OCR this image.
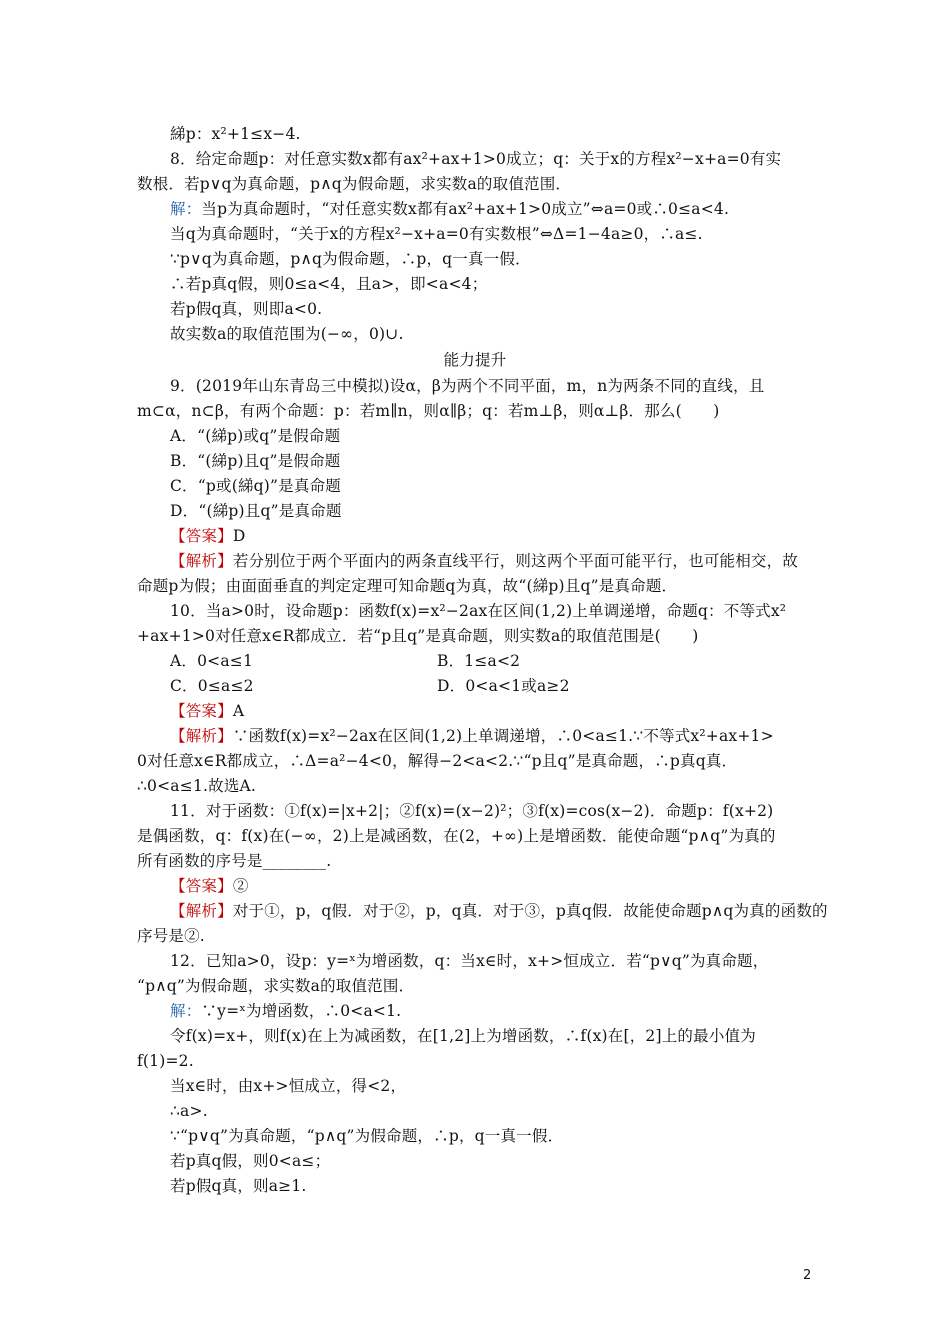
綈p：x²+1≤x−4.
8．给定命题p：对任意实数x都有ax²+ax+1>0成立；q：关于x的方程x²−x+a=0有实
数根．若p∨q为真命题，p∧q为假命题，求实数a的取值范围．
解：当p为真命题时，“对任意实数x都有ax²+ax+1>0成立”⇔a=0或∴0≤a<4.
当q为真命题时，“关于x的方程x²−x+a=0有实数根”⇔Δ=1−4a≥0，∴a≤.
∵p∨q为真命题，p∧q为假命题，∴p，q一真一假．
∴若p真q假，则0≤a<4，且a>，即<a<4；
若p假q真，则即a<0.
故实数a的取值范围为(−∞，0)∪.
能力提升
9．(2019年山东青岛三中模拟)设α，β为两个不同平面，m，n为两条不同的直线，且
m⊂α，n⊂β，有两个命题：p：若m∥n，则α∥β；q：若m⊥β，则α⊥β．那么(　　)
A．“(綈p)或q”是假命题
B．“(綈p)且q”是假命题
C．“p或(綈q)”是真命题
D．“(綈p)且q”是真命题
【答案】D
【解析】若分别位于两个平面内的两条直线平行，则这两个平面可能平行，也可能相交，故
命题p为假；由面面垂直的判定定理可知命题q为真，故“(綈p)且q”是真命题．
10．当a>0时，设命题p：函数f(x)=x²−2ax在区间(1,2)上单调递增，命题q：不等式x²
+ax+1>0对任意x∈R都成立．若“p且q”是真命题，则实数a的取值范围是(　　)
A．0<a≤1	B．1≤a<2
C．0≤a≤2	D．0<a<1或a≥2
【答案】A
【解析】∵函数f(x)=x²−2ax在区间(1,2)上单调递增，∴0<a≤1.∵不等式x²+ax+1>
0对任意x∈R都成立，∴Δ=a²−4<0，解得−2<a<2.∵“p且q”是真命题，∴p真q真．
∴0<a≤1.故选A.
11．对于函数：①f(x)=|x+2|；②f(x)=(x−2)²；③f(x)=cos(x−2)．命题p：f(x+2)
是偶函数，q：f(x)在(−∞，2)上是减函数，在(2，+∞)上是增函数．能使命题“p∧q”为真的
所有函数的序号是________.
【答案】②
【解析】对于①，p，q假．对于②，p，q真．对于③，p真q假．故能使命题p∧q为真的函数的
序号是②.
12．已知a>0，设p：y=ˣ为增函数，q：当x∈时，x+>恒成立．若“p∨q”为真命题，
“p∧q”为假命题，求实数a的取值范围．
解：∵y=ˣ为增函数，∴0<a<1.
令f(x)=x+，则f(x)在上为减函数，在[1,2]上为增函数，∴f(x)在[，2]上的最小值为
f(1)=2.
当x∈时，由x+>恒成立，得<2，
∴a>.
∵“p∨q”为真命题，“p∧q”为假命题，∴p，q一真一假．
若p真q假，则0<a≤；
若p假q真，则a≥1.
2
